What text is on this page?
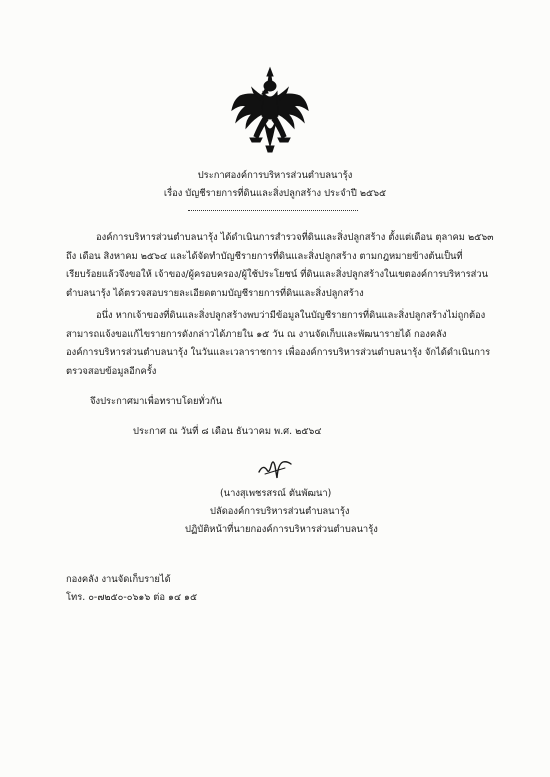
ประกาศองค์การบริหารส่วนตำบลนารุ้ง
เรื่อง บัญชีรายการที่ดินและสิ่งปลูกสร้าง ประจำปี ๒๕๖๕

องค์การบริหารส่วนตำบลนารุ้ง ได้ดำเนินการสำรวจที่ดินและสิ่งปลูกสร้าง ตั้งแต่เดือน ตุลาคม ๒๕๖๓

ถึง เดือน สิงหาคม ๒๕๖๔ และได้จัดทำบัญชีรายการที่ดินและสิ่งปลูกสร้าง ตามกฎหมายข้างต้นเป็นที่

เรียบร้อยแล้วจึงขอให้ เจ้าของ/ผู้ครอบครอง/ผู้ใช้ประโยชน์ ที่ดินและสิ่งปลูกสร้างในเขตองค์การบริหารส่วน

ตำบลนารุ้ง ได้ตรวจสอบรายละเอียดตามบัญชีรายการที่ดินและสิ่งปลูกสร้าง

อนึ่ง หากเจ้าของที่ดินและสิ่งปลูกสร้างพบว่ามีข้อมูลในบัญชีรายการที่ดินและสิ่งปลูกสร้างไม่ถูกต้อง

สามารถแจ้งขอแก้ไขรายการดังกล่าวได้ภายใน ๑๕ วัน ณ งานจัดเก็บและพัฒนารายได้ กองคลัง

องค์การบริหารส่วนตำบลนารุ้ง ในวันและเวลาราชการ เพื่อองค์การบริหารส่วนตำบลนารุ้ง จักได้ดำเนินการ

ตรวจสอบข้อมูลอีกครั้ง

จึงประกาศมาเพื่อทราบโดยทั่วกัน
ประกาศ ณ วันที่ ๘ เดือน ธันวาคม พ.ศ. ๒๕๖๔
(นางสุเพชรสรณ์ ตันพัฒนา)
ปลัดองค์การบริหารส่วนตำบลนารุ้ง
ปฏิบัติหน้าที่นายกองค์การบริหารส่วนตำบลนารุ้ง
กองคลัง งานจัดเก็บรายได้
โทร. ๐-๗๒๕๐-๐๖๑๖ ต่อ ๑๔ ๑๕
